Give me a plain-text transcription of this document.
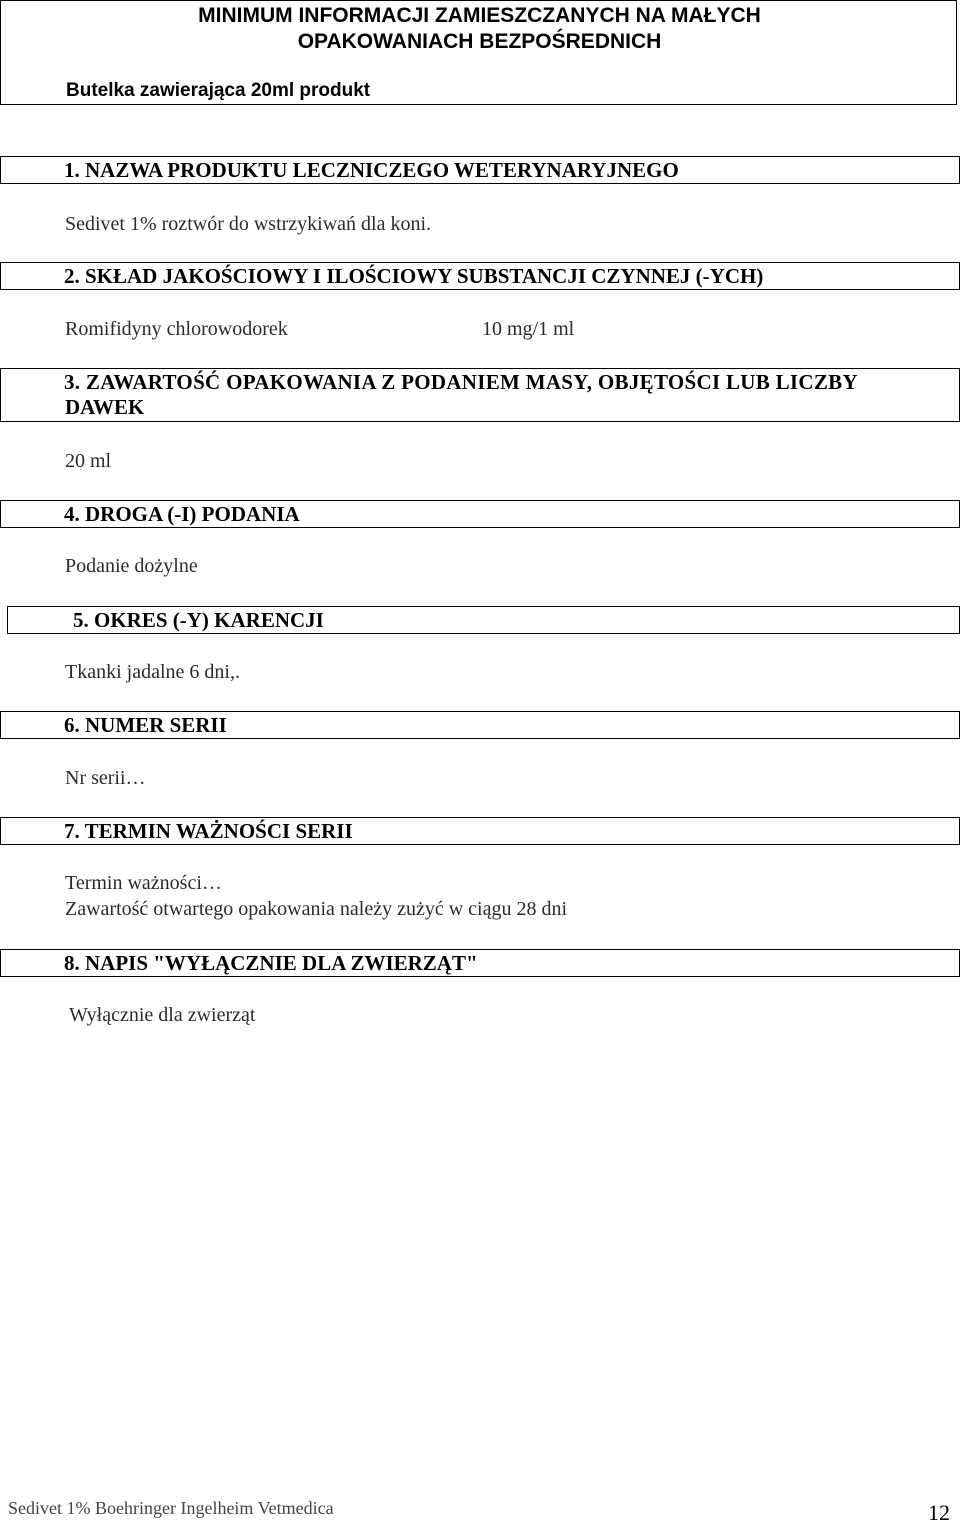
MINIMUM INFORMACJI ZAMIESZCZANYCH NA MAŁYCH
OPAKOWANIACH BEZPOŚREDNICH
Butelka zawierająca 20ml produkt
1. NAZWA PRODUKTU LECZNICZEGO WETERYNARYJNEGO
Sedivet 1% roztwór do wstrzykiwań dla koni.
2. SKŁAD JAKOŚCIOWY I ILOŚCIOWY SUBSTANCJI CZYNNEJ (-YCH)
Romifidyny chlorowodorek	10 mg/1 ml
3. ZAWARTOŚĆ OPAKOWANIA Z PODANIEM MASY, OBJĘTOŚCI LUB LICZBY
DAWEK
20 ml
4. DROGA (-I) PODANIA
Podanie dożylne
5. OKRES (-Y) KARENCJI
Tkanki jadalne 6 dni,.
6. NUMER SERII
Nr serii…
7. TERMIN WAŻNOŚCI SERII
Termin ważności…
Zawartość otwartego opakowania należy zużyć w ciągu 28 dni
8. NAPIS "WYŁĄCZNIE DLA ZWIERZĄT"
Wyłącznie dla zwierząt
Sedivet 1% Boehringer Ingelheim Vetmedica	12
